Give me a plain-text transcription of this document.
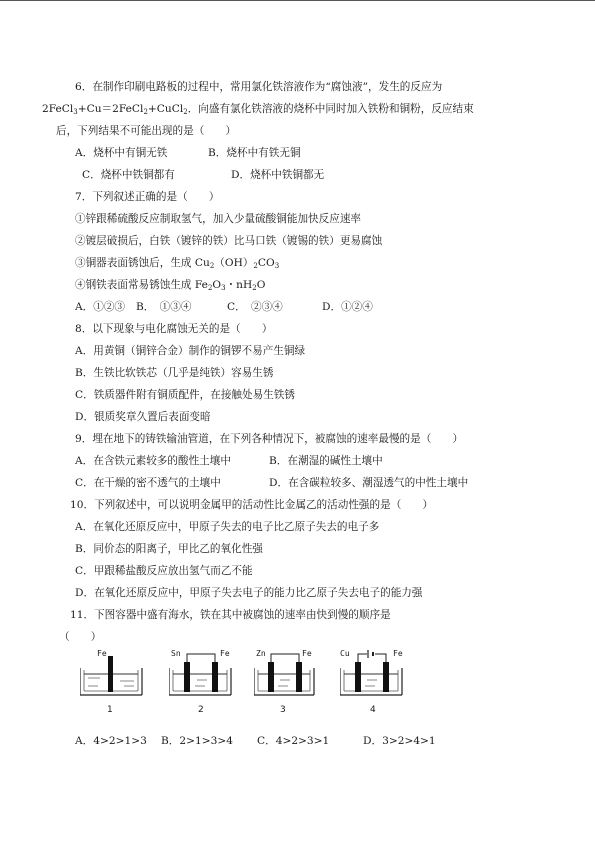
6．在制作印刷电路板的过程中，常用氯化铁溶液作为“腐蚀液”，发生的反应为
2FeCl$_3$+Cu＝2FeCl$_2$+CuCl$_2$．向盛有氯化铁溶液的烧杯中同时加入铁粉和铜粉，反应结束
后，下列结果不可能出现的是（　　）
A．烧杯中有铜无铁	B．烧杯中有铁无铜
C．烧杯中铁铜都有	D．烧杯中铁铜都无
7．下列叙述正确的是（　　）
①锌跟稀硫酸反应制取氢气，加入少量硫酸铜能加快反应速率
②镀层破损后，白铁（镀锌的铁）比马口铁（镀锡的铁）更易腐蚀
③铜器表面锈蚀后，生成 $Cu_2(OH)_2CO_3$
④钢铁表面常易锈蚀生成 $Fe_2O_3$・$nH_2O$
A．①②③ B．　①③④	C．　②③④	D．①②④
8．以下现象与电化腐蚀无关的是（　　）
A．用黄铜（铜锌合金）制作的铜锣不易产生铜绿
B．生铁比软铁芯（几乎是纯铁）容易生锈
C．铁质器件附有铜质配件，在接触处易生铁锈
D．银质奖章久置后表面变暗
9．埋在地下的铸铁输油管道，在下列各种情况下，被腐蚀的速率最慢的是（　　）
A．在含铁元素较多的酸性土壤中	B．在潮湿的碱性土壤中
C．在干燥的密不透气的土壤中	D．在含碳粒较多、潮湿透气的中性土壤中
10．下列叙述中，可以说明金属甲的活动性比金属乙的活动性强的是（　　）
A．在氧化还原反应中，甲原子失去的电子比乙原子失去的电子多
B．同价态的阳离子，甲比乙的氧化性强
C．甲跟稀盐酸反应放出氢气而乙不能
D．在氧化还原反应中，甲原子失去电子的能力比乙原子失去电子的能力强
11．下图容器中盛有海水，铁在其中被腐蚀的速率由快到慢的顺序是
（　　）
Fe
1
Sn	Fe
2
Zn	Fe
3
Cu	Fe
4
A．4>2>1>3 B．2>1>3>4 C．4>2>3>1	D．3>2>4>1
